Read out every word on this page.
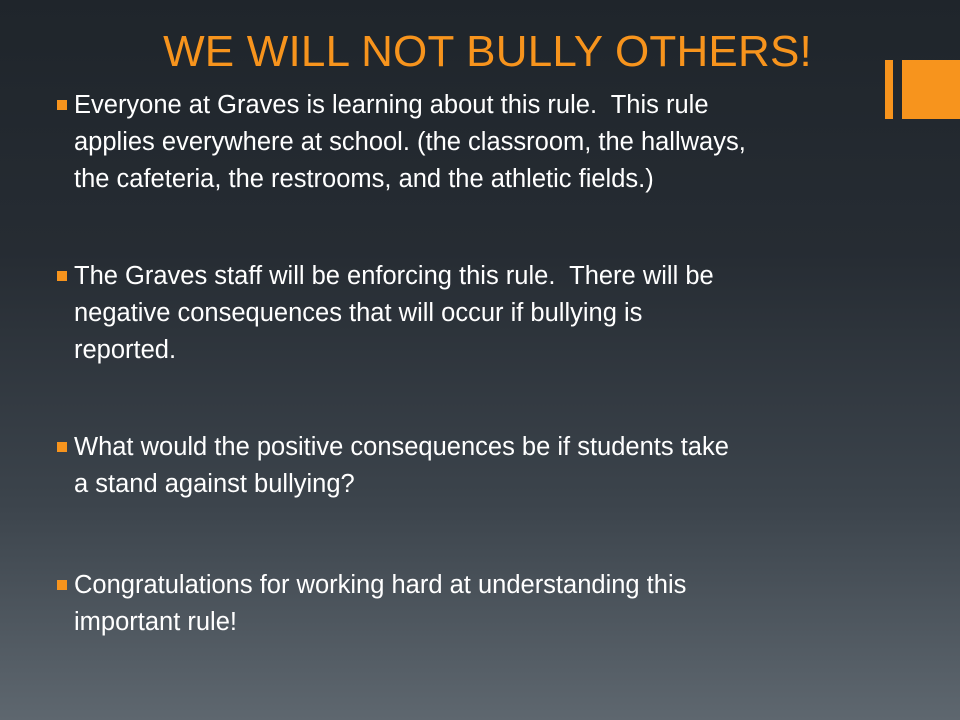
WE WILL NOT BULLY OTHERS!
Everyone at Graves is learning about this rule.  This rule
applies everywhere at school. (the classroom, the hallways,
the cafeteria, the restrooms, and the athletic fields.)
The Graves staff will be enforcing this rule.  There will be
negative consequences that will occur if bullying is
reported.
What would the positive consequences be if students take
a stand against bullying?
Congratulations for working hard at understanding this
important rule!
